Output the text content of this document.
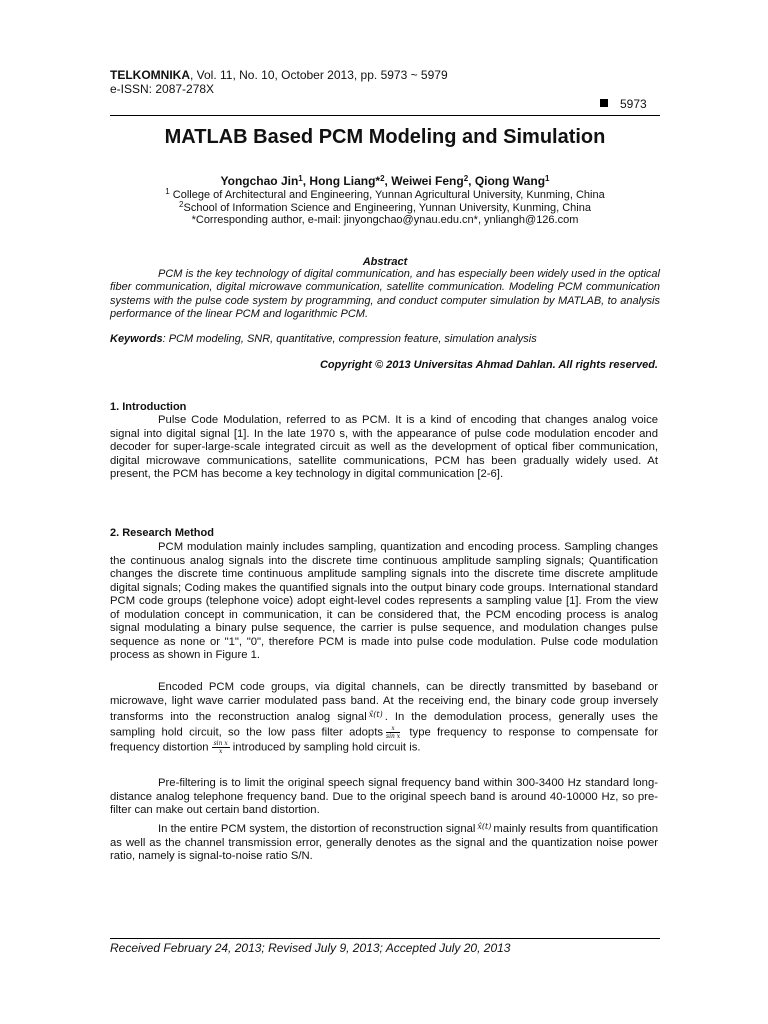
TELKOMNIKA, Vol. 11, No. 10, October 2013, pp. 5973 ~ 5979
e-ISSN: 2087-278X
5973
MATLAB Based PCM Modeling and Simulation
Yongchao Jin$^1$, Hong Liang*$^2$, Weiwei Feng$^2$, Qiong Wang$^1$
$^1$ College of Architectural and Engineering, Yunnan Agricultural University, Kunming, China
$^2$School of Information Science and Engineering, Yunnan University, Kunming, China
*Corresponding author, e-mail: jinyongchao@ynau.edu.cn*, ynliangh@126.com
Abstract
PCM is the key technology of digital communication, and has especially been widely used in the optical fiber communication, digital microwave communication, satellite communication. Modeling PCM communication systems with the pulse code system by programming, and conduct computer simulation by MATLAB, to analysis performance of the linear PCM and logarithmic PCM.
Keywords: PCM modeling, SNR, quantitative, compression feature, simulation analysis
Copyright © 2013 Universitas Ahmad Dahlan. All rights reserved.
1. Introduction
Pulse Code Modulation, referred to as PCM. It is a kind of encoding that changes analog voice signal into digital signal [1]. In the late 1970 s, with the appearance of pulse code modulation encoder and decoder for super-large-scale integrated circuit as well as the development of optical fiber communication, digital microwave communications, satellite communications, PCM has been gradually widely used. At present, the PCM has become a key technology in digital communication [2-6].
2. Research Method
PCM modulation mainly includes sampling, quantization and encoding process. Sampling changes the continuous analog signals into the discrete time continuous amplitude sampling signals; Quantification changes the discrete time continuous amplitude sampling signals into the discrete time discrete amplitude digital signals; Coding makes the quantified signals into the output binary code groups. International standard PCM code groups (telephone voice) adopt eight-level codes represents a sampling value [1]. From the view of modulation concept in communication, it can be considered that, the PCM encoding process is analog signal modulating a binary pulse sequence, the carrier is pulse sequence, and modulation changes pulse sequence as none or "1", "0", therefore PCM is made into pulse code modulation. Pulse code modulation process as shown in Figure 1.
Encoded PCM code groups, via digital channels, can be directly transmitted by baseband or microwave, light wave carrier modulated pass band. At the receiving end, the binary code group inversely transforms into the reconstruction analog signal $^{x̂(t)}$ . In the demodulation process, generally uses the sampling hold circuit, so the low pass filter adopts $\frac{x}{\text{sin x}}$ type frequency to response to compensate for frequency distortion $\frac{\text{sin x}}{x}$ introduced by sampling hold circuit is.
Pre-filtering is to limit the original speech signal frequency band within 300-3400 Hz standard long-distance analog telephone frequency band. Due to the original speech band is around 40-10000 Hz, so pre-filter can make out certain band distortion.
In the entire PCM system, the distortion of reconstruction signal $^{x̂(t)}$ mainly results from quantification as well as the channel transmission error, generally denotes as the signal and the quantization noise power ratio, namely is signal-to-noise ratio S/N.
Received February 24, 2013; Revised July 9, 2013; Accepted July 20, 2013
